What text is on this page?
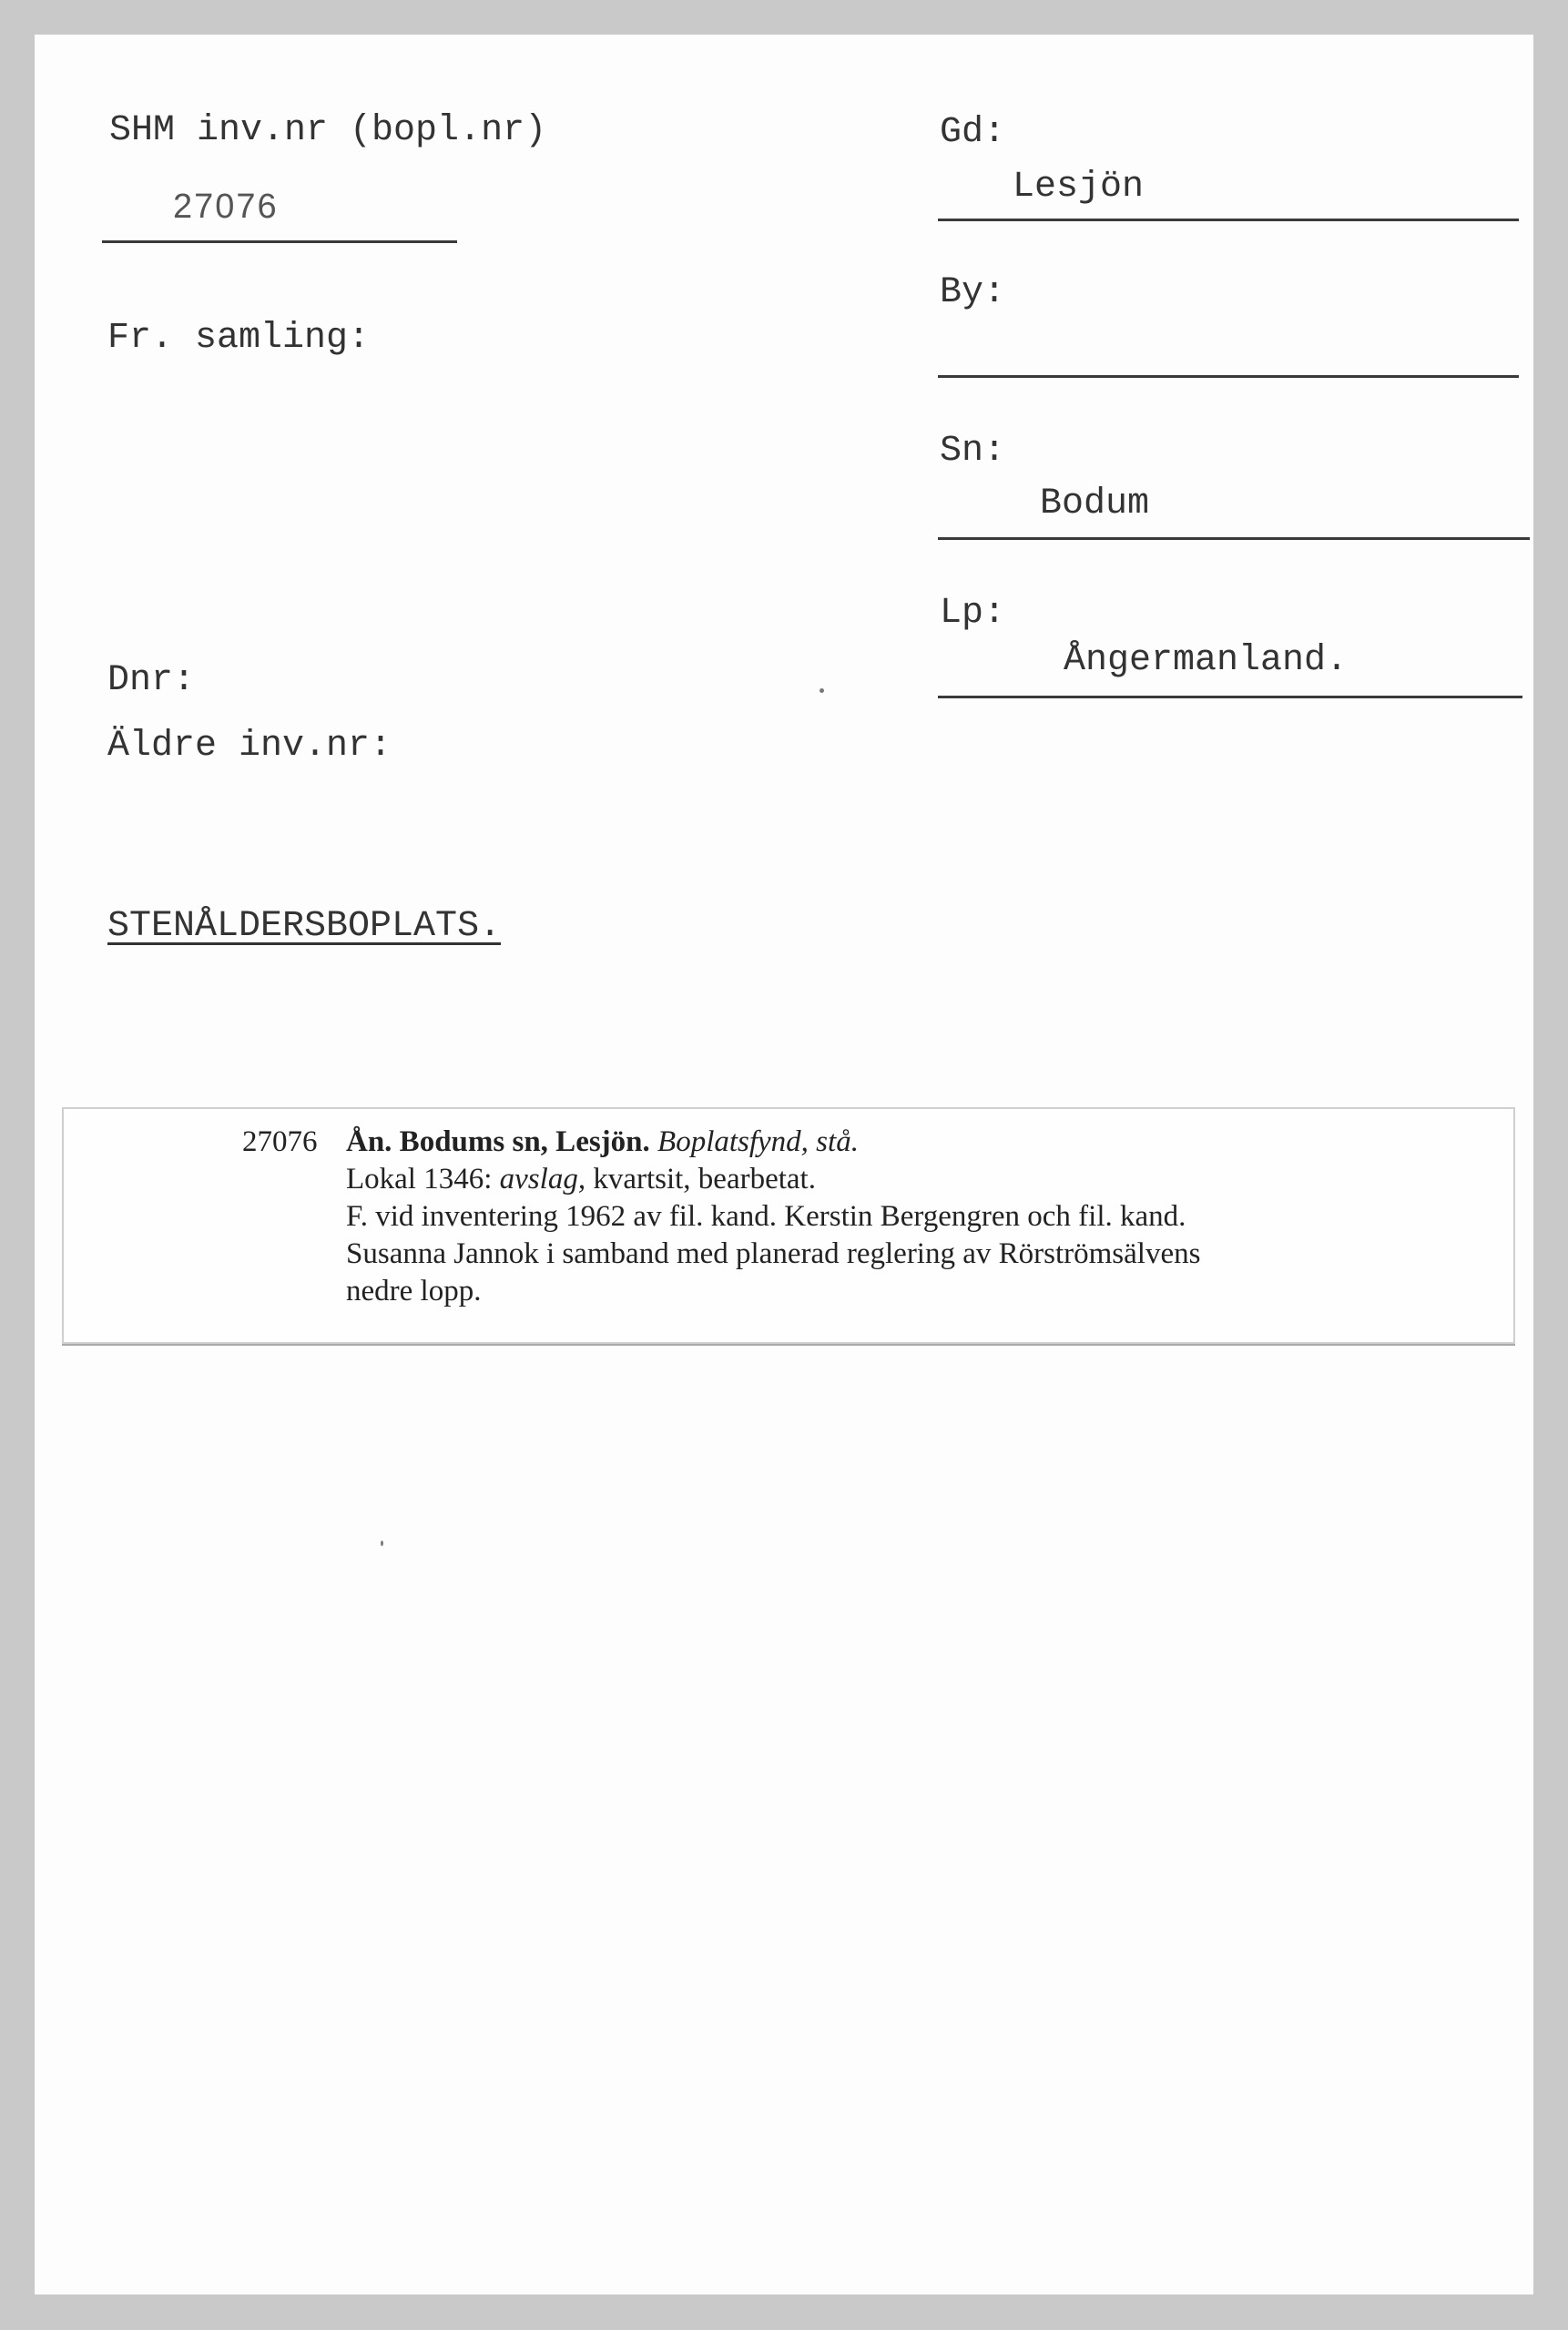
SHM inv.nr (bopl.nr)
27076
Fr. samling:
Dnr:
Äldre inv.nr:
STENÅLDERSBOPLATS.
Gd:
Lesjön
By:
Sn:
Bodum
Lp:
Ångermanland.
27076 Ån. Bodums sn, Lesjön. Boplatsfynd, stå.
Lokal 1346: avslag, kvartsit, bearbetat.
F. vid inventering 1962 av fil. kand. Kerstin Bergengren och fil. kand.
Susanna Jannok i samband med planerad reglering av Rörströmsälvens
nedre lopp.
